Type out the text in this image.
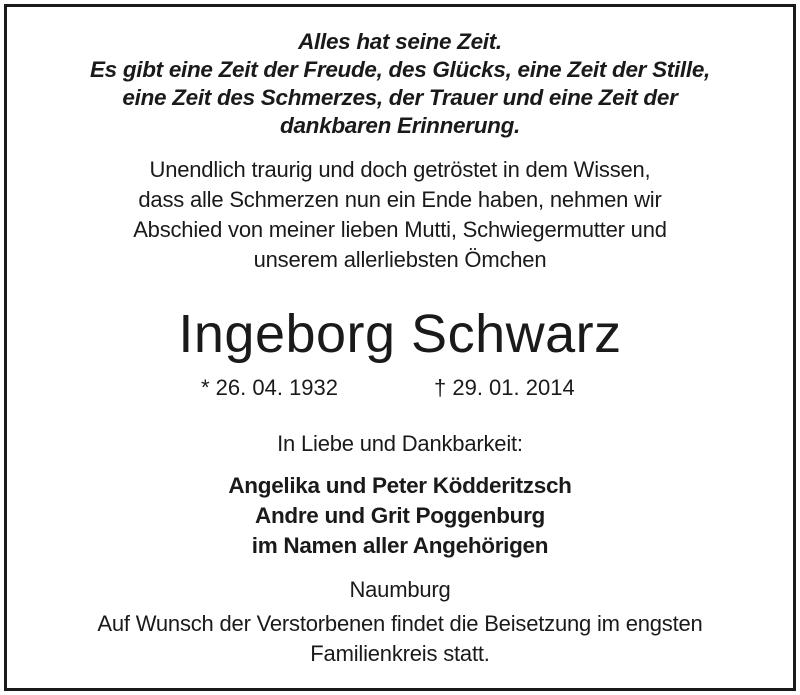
Alles hat seine Zeit.
Es gibt eine Zeit der Freude, des Glücks, eine Zeit der Stille,
eine Zeit des Schmerzes, der Trauer und eine Zeit der
dankbaren Erinnerung.
Unendlich traurig und doch getröstet in dem Wissen,
dass alle Schmerzen nun ein Ende haben, nehmen wir
Abschied von meiner lieben Mutti, Schwiegermutter und
unserem allerliebsten Ömchen
Ingeborg Schwarz
* 26. 04. 1932	† 29. 01. 2014
In Liebe und Dankbarkeit:
Angelika und Peter Ködderitzsch
Andre und Grit Poggenburg
im Namen aller Angehörigen
Naumburg
Auf Wunsch der Verstorbenen findet die Beisetzung im engsten
Familienkreis statt.
